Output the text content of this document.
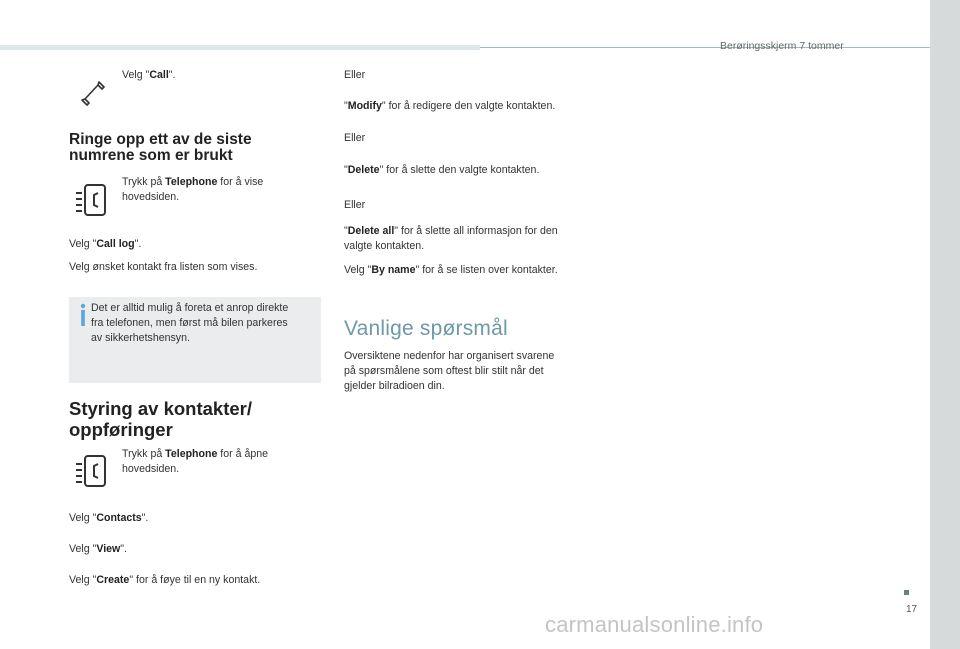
Berøringsskjerm 7 tommer
Velg "Call".
Ringe opp ett av de siste
numrene som er brukt
Trykk på Telephone for å vise
hovedsiden.
Velg "Call log".
Velg ønsket kontakt fra listen som vises.
Det er alltid mulig å foreta et anrop direkte
fra telefonen, men først må bilen parkeres
av sikkerhetshensyn.
Styring av kontakter/
oppføringer
Trykk på Telephone for å åpne
hovedsiden.
Velg "Contacts".
Velg "View".
Velg "Create" for å føye til en ny kontakt.
Eller
"Modify" for å redigere den valgte kontakten.
Eller
"Delete" for å slette den valgte kontakten.
Eller
"Delete all" for å slette all informasjon for den
valgte kontakten.
Velg "By name" for å se listen over kontakter.
Vanlige spørsmål
Oversiktene nedenfor har organisert svarene
på spørsmålene som oftest blir stilt når det
gjelder bilradioen din.
17
carmanualsonline.info
